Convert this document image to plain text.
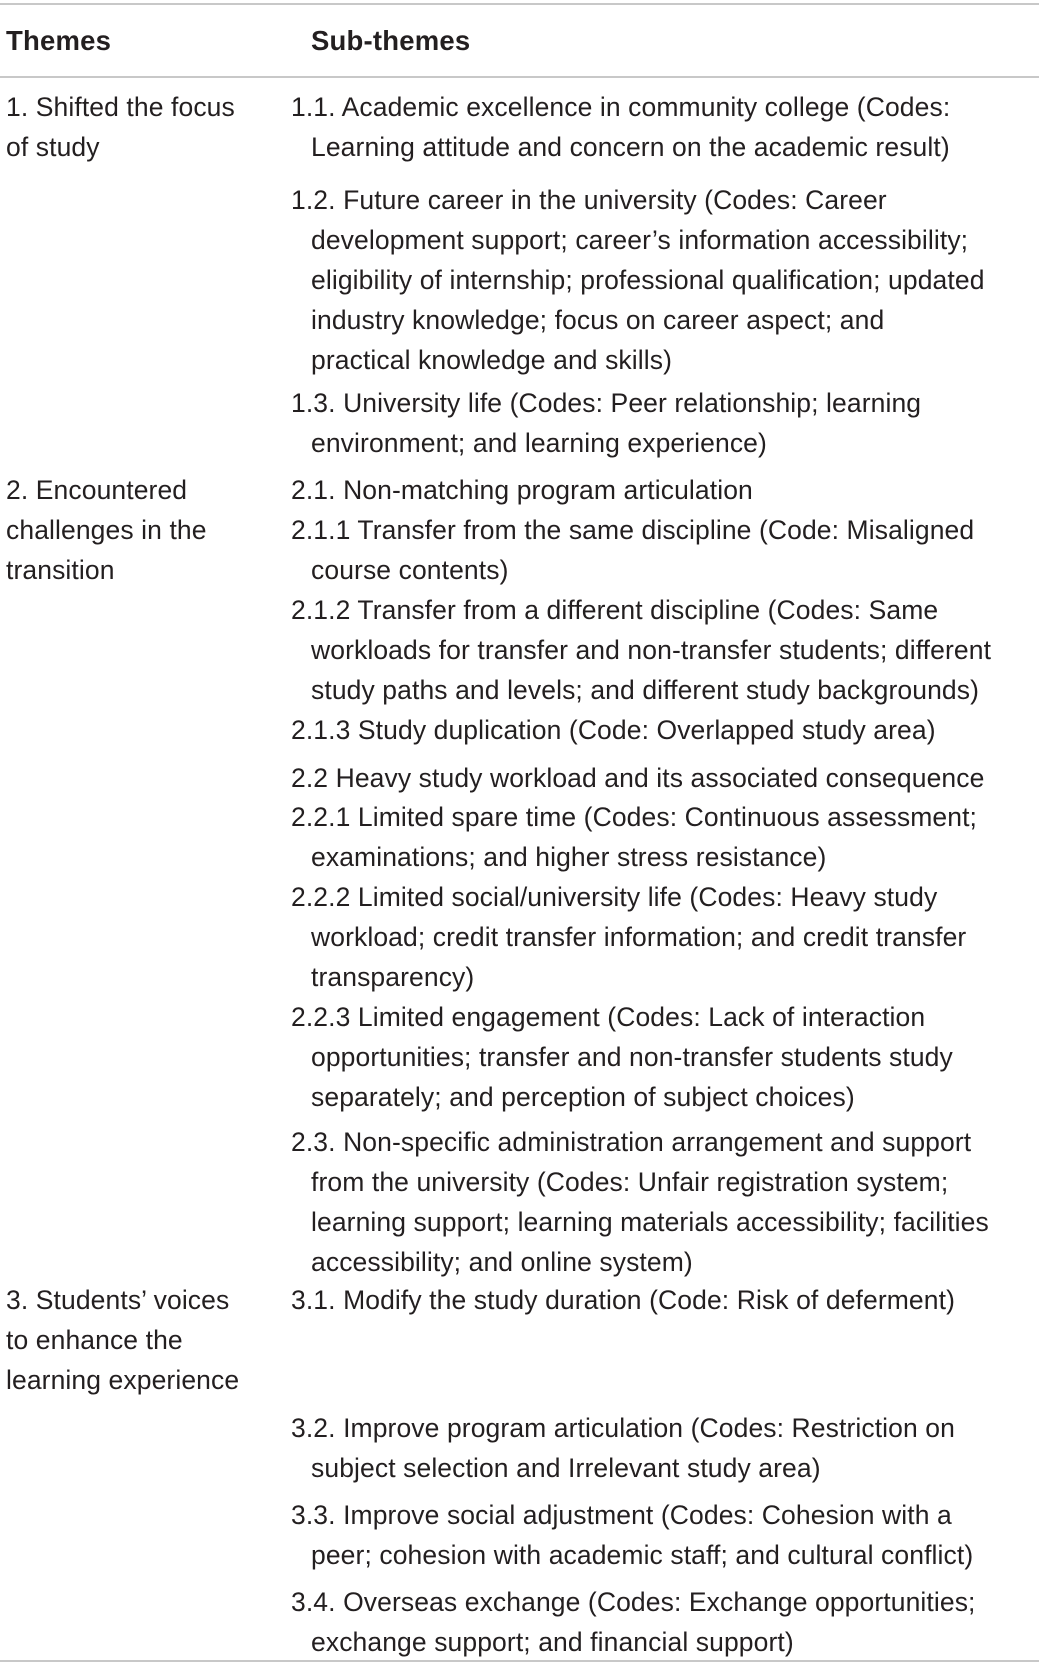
Themes	Sub-themes
1. Shifted the focus
of study
2. Encountered
challenges in the
transition
3. Students’ voices
to enhance the
learning experience
1.1. Academic excellence in community college (Codes:
Learning attitude and concern on the academic result)
1.2. Future career in the university (Codes: Career
development support; career’s information accessibility;
eligibility of internship; professional qualification; updated
industry knowledge; focus on career aspect; and
practical knowledge and skills)
1.3. University life (Codes: Peer relationship; learning
environment; and learning experience)
2.1. Non-matching program articulation
2.1.1 Transfer from the same discipline (Code: Misaligned
course contents)
2.1.2 Transfer from a different discipline (Codes: Same
workloads for transfer and non-transfer students; different
study paths and levels; and different study backgrounds)
2.1.3 Study duplication (Code: Overlapped study area)
2.2 Heavy study workload and its associated consequence
2.2.1 Limited spare time (Codes: Continuous assessment;
examinations; and higher stress resistance)
2.2.2 Limited social/university life (Codes: Heavy study
workload; credit transfer information; and credit transfer
transparency)
2.2.3 Limited engagement (Codes: Lack of interaction
opportunities; transfer and non-transfer students study
separately; and perception of subject choices)
2.3. Non-specific administration arrangement and support
from the university (Codes: Unfair registration system;
learning support; learning materials accessibility; facilities
accessibility; and online system)
3.1. Modify the study duration (Code: Risk of deferment)
3.2. Improve program articulation (Codes: Restriction on
subject selection and Irrelevant study area)
3.3. Improve social adjustment (Codes: Cohesion with a
peer; cohesion with academic staff; and cultural conflict)
3.4. Overseas exchange (Codes: Exchange opportunities;
exchange support; and financial support)
